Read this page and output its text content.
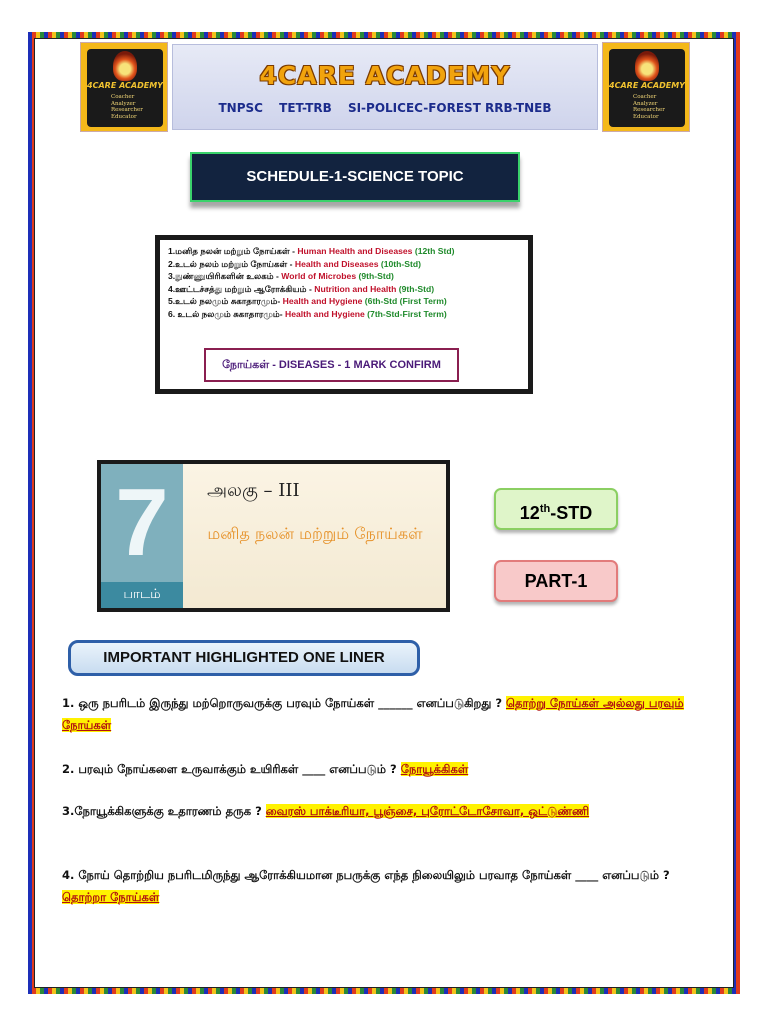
4CARE ACADEMY
Coacher
Analyzer
Researcher
Educator
4CARE ACADEMY
TNPSC TET-TRB SI-POLICEC-FOREST RRB-TNEB
4CARE ACADEMY
Coacher
Analyzer
Researcher
Educator
SCHEDULE-1-SCIENCE TOPIC
1.மனித நலன் மற்றும் நோய்கள் - Human Health and Diseases (12th Std)
2.உடல் நலம் மற்றும் நோய்கள் - Health and Diseases (10th-Std)
3.நுண்ணுயிரிகளின் உலகம் - World of Microbes (9th-Std)
4.ஊட்டச்சத்து மற்றும் ஆரோக்கியம் - Nutrition and Health (9th-Std)
5.உடல் நலமும் சுகாதாரமும்- Health and Hygiene (6th-Std (First Term)
6. உடல் நலமும் சுகாதாரமும்- Health and Hygiene (7th-Std-First Term)
நோய்கள் - DISEASES - 1 MARK CONFIRM
7
பாடம்
அலகு – III
மனித நலன் மற்றும் நோய்கள்
12th-STD
PART-1
IMPORTANT HIGHLIGHTED ONE LINER
1. ஒரு நபரிடம் இருந்து மற்றொருவருக்கு பரவும் நோய்கள் ______ எனப்படுகிறது ? தொற்று நோய்கள் அல்லது பரவும் நோய்கள்
2. பரவும் நோய்களை உருவாக்கும் உயிரிகள் ____ எனப்படும் ? நோயூக்கிகள்
3.நோயூக்கிகளுக்கு உதாரணம் தருக ? வைரஸ் பாக்டீரியா, பூஞ்சை, புரோட்டோசோவா, ஒட்டுண்ணி
4. நோய் தொற்றிய நபரிடமிருந்து ஆரோக்கியமான நபருக்கு எந்த நிலையிலும் பரவாத நோய்கள் ____ எனப்படும் ? தொற்றா நோய்கள்
